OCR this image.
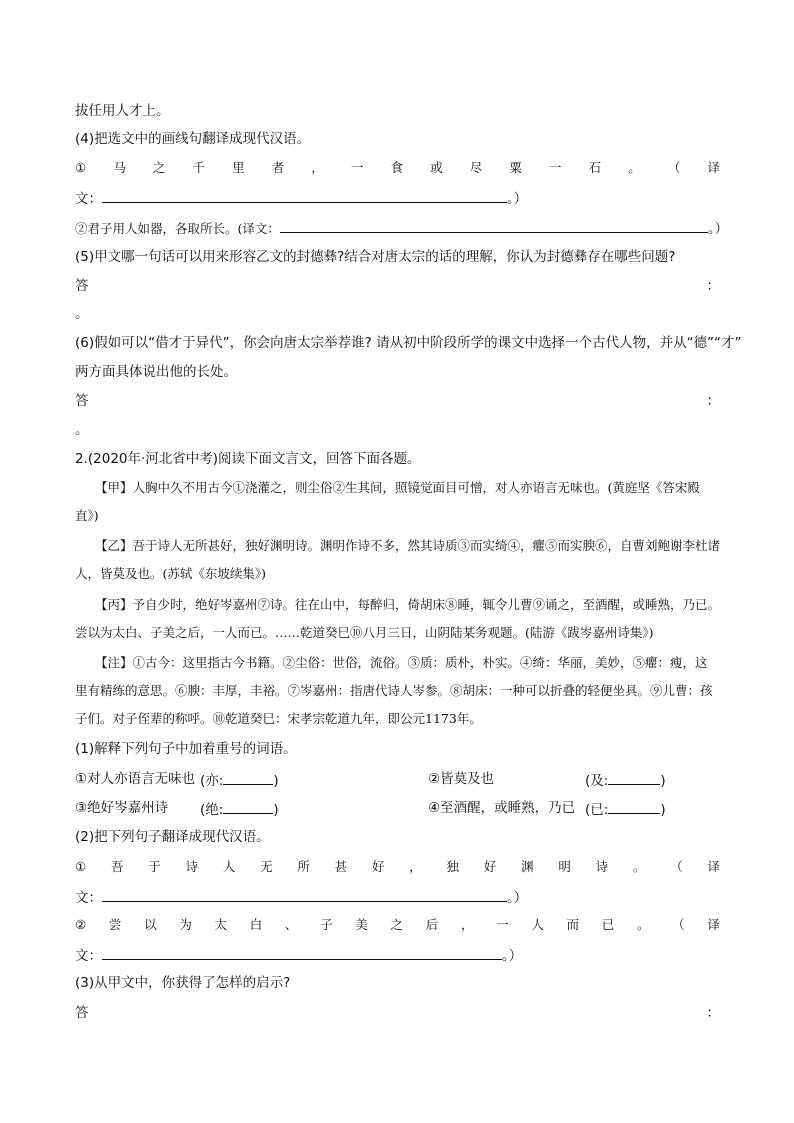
拔任用人才上。
(4)把选文中的画线句翻译成现代汉语。
① 马 之 千 里 者 ， 一 食 或 尽 粟 一 石 。 （ 译
文：	。）
②君子用人如器，各取所长。(译文：	。）
(5)甲文哪一句话可以用来形容乙文的封德彝?结合对唐太宗的话的理解，你认为封德彝存在哪些问题?
答	：
。
(6)假如可以“借才于异代”，你会向唐太宗举荐谁? 请从初中阶段所学的课文中选择一个古代人物，并从“德”“才”
两方面具体说出他的长处。
答	：
。
2.(2020年·河北省中考)阅读下面文言文，回答下面各题。
【甲】人胸中久不用古今①浇灌之，则尘俗②生其间，照镜觉面目可憎，对人亦语言无味也。(黄庭坚《答宋殿
直》)
【乙】吾于诗人无所甚好，独好渊明诗。渊明作诗不多，然其诗质③而实绮④，癯⑤而实腴⑥，自曹刘鲍谢李杜诸
人，皆莫及也。(苏轼《东坡续集》)
【丙】予自少时，绝好岑嘉州⑦诗。往在山中，每醉归，倚胡床⑧睡，辄令儿曹⑨诵之，至酒醒，或睡熟，乃已。
尝以为太白、子美之后，一人而已。……乾道癸巳⑩八月三日，山阴陆某务观题。(陆游《跋岑嘉州诗集》)
【注】①古今：这里指古今书籍。②尘俗：世俗，流俗。③质：质朴，朴实。④绮：华丽，美妙，⑤癯：瘦，这
里有精练的意思。⑥腴：丰厚，丰裕。⑦岑嘉州：指唐代诗人岑参。⑧胡床：一种可以折叠的轻便坐具。⑨儿曹：孩
子们。对子侄辈的称呼。⑩乾道癸巳：宋孝宗乾道九年，即公元1173年。
(1)解释下列句子中加着重号的词语。
①对人亦语言无味也 (亦:	)	②皆莫及也	(及:	)
③绝好岑嘉州诗 (绝:	)	④至酒醒，或睡熟，乃已 (已:	)
(2)把下列句子翻译成现代汉语。
① 吾 于 诗 人 无 所 甚 好 ， 独 好 渊 明 诗 。 （ 译
文：	。）
② 尝 以 为 太 白 、 子 美 之 后 ， 一 人 而 已 。 （ 译
文：	。）
(3)从甲文中，你获得了怎样的启示?
答	：
